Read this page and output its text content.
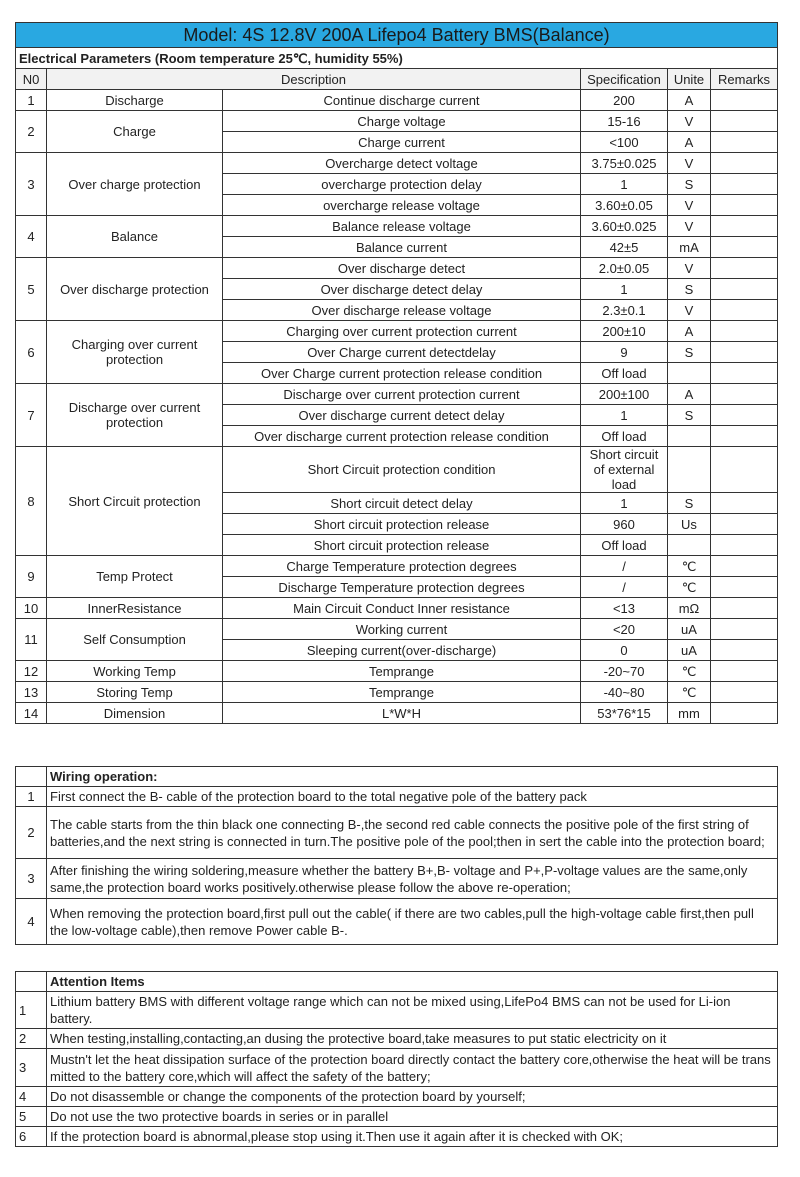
Model: 4S 12.8V 200A Lifepo4 Battery BMS(Balance)					
Electrical Parameters (Room temperature 25℃, humidity 55%)					
N0	Description		Specification	Unite	Remarks
1	Discharge	Continue discharge current	200	A	
2	Charge	Charge voltage	15-16	V	
		Charge current	<100	A	
3	Over charge protection	Overcharge detect voltage	3.75±0.025	V	
		overcharge protection delay	1	S	
		overcharge release voltage	3.60±0.05	V	
4	Balance	Balance release voltage	3.60±0.025	V	
		Balance current	42±5	mA	
5	Over discharge protection	Over discharge detect	2.0±0.05	V	
		Over discharge detect delay	1	S	
		Over discharge release voltage	2.3±0.1	V	
6	Charging over current protection	Charging over current protection current	200±10	A	
		Over Charge current detectdelay	9	S	
		Over Charge current protection release condition	Off load		
7	Discharge over current protection	Discharge over current protection current	200±100	A	
		Over discharge current detect delay	1	S	
		Over discharge current protection release condition	Off load		
8	Short Circuit protection	Short Circuit protection condition	Short circuit of external load		
		Short circuit detect delay	1	S	
		Short circuit protection release	960	Us	
		Short circuit protection release	Off load		
9	Temp Protect	Charge Temperature protection degrees	/	℃	
		Discharge Temperature protection degrees	/	℃	
10	InnerResistance	Main Circuit Conduct Inner resistance	<13	mΩ	
11	Self Consumption	Working current	<20	uA	
		Sleeping current(over-discharge)	0	uA	
12	Working Temp	Temprange	-20~70	℃	
13	Storing Temp	Temprange	-40~80	℃	
14	Dimension	L*W*H	53*76*15	mm	
	Wiring operation:
1	First connect the B- cable of the protection board to the total negative pole of the battery pack
2	The cable starts from the thin black one connecting B-,the second red cable connects the positive pole of the first string of batteries,and the next string is connected in turn.The positive pole of the pool;then in sert the cable into the protection board;
3	After finishing the wiring soldering,measure whether the battery B+,B- voltage and P+,P-voltage values are the same,only same,the protection board works positively.otherwise please follow the above re-operation;
4	When removing the protection board,first pull out the cable( if there are two cables,pull the high-voltage cable first,then pull the low-voltage cable),then remove Power cable B-.
	Attention Items
1	Lithium battery BMS with different voltage range which can not be mixed using,LifePo4 BMS can not be used for Li-ion battery.
2	When testing,installing,contacting,an dusing the protective board,take measures to put static electricity on it
3	Mustn't let the heat dissipation surface of the protection board directly contact the battery core,otherwise the heat will be trans mitted to the battery core,which will affect the safety of the battery;
4	Do not disassemble or change the components of the protection board by yourself;
5	Do not use the two protective boards in series or in parallel
6	If the protection board is abnormal,please stop using it.Then use it again after it is checked with OK;
